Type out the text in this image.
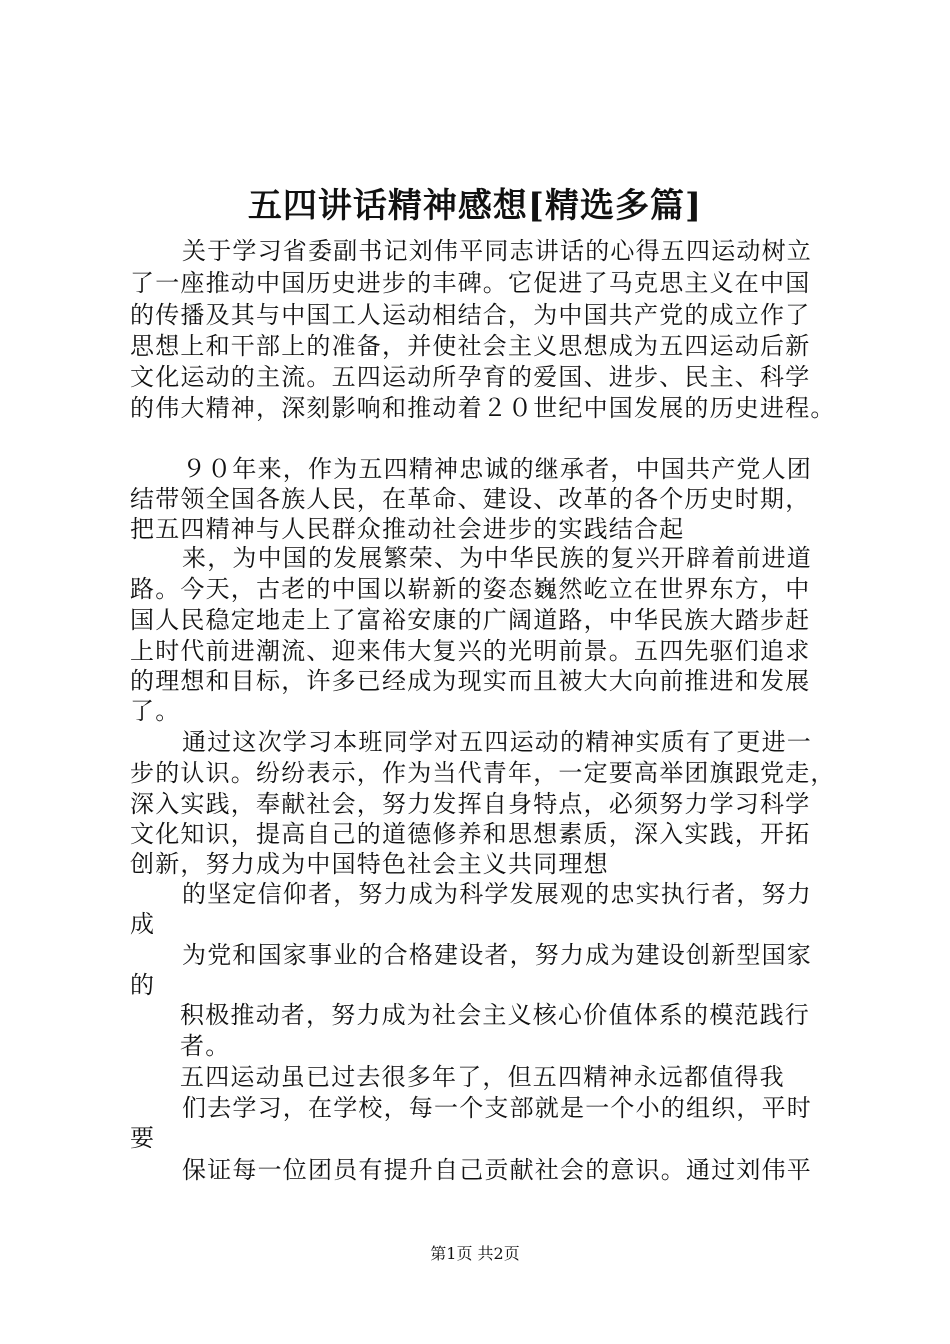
五四讲话精神感想[精选多篇]
关于学习省委副书记刘伟平同志讲话的心得五四运动树立
了一座推动中国历史进步的丰碑。它促进了马克思主义在中国
的传播及其与中国工人运动相结合，为中国共产党的成立作了
思想上和干部上的准备，并使社会主义思想成为五四运动后新
文化运动的主流。五四运动所孕育的爱国、进步、民主、科学
的伟大精神，深刻影响和推动着２０世纪中国发展的历史进程。
９０年来，作为五四精神忠诚的继承者，中国共产党人团
结带领全国各族人民，在革命、建设、改革的各个历史时期，
把五四精神与人民群众推动社会进步的实践结合起
来，为中国的发展繁荣、为中华民族的复兴开辟着前进道
路。今天，古老的中国以崭新的姿态巍然屹立在世界东方，中
国人民稳定地走上了富裕安康的广阔道路，中华民族大踏步赶
上时代前进潮流、迎来伟大复兴的光明前景。五四先驱们追求
的理想和目标，许多已经成为现实而且被大大向前推进和发展
了。
通过这次学习本班同学对五四运动的精神实质有了更进一
步的认识。纷纷表示，作为当代青年，一定要高举团旗跟党走，
深入实践，奉献社会，努力发挥自身特点，必须努力学习科学
文化知识，提高自己的道德修养和思想素质，深入实践，开拓
创新，努力成为中国特色社会主义共同理想
的坚定信仰者，努力成为科学发展观的忠实执行者，努力
成
为党和国家事业的合格建设者，努力成为建设创新型国家
的
积极推动者，努力成为社会主义核心价值体系的模范践行
者。
五四运动虽已过去很多年了，但五四精神永远都值得我
们去学习，在学校，每一个支部就是一个小的组织，平时
要
保证每一位团员有提升自己贡献社会的意识。通过刘伟平
第1页 共2页
